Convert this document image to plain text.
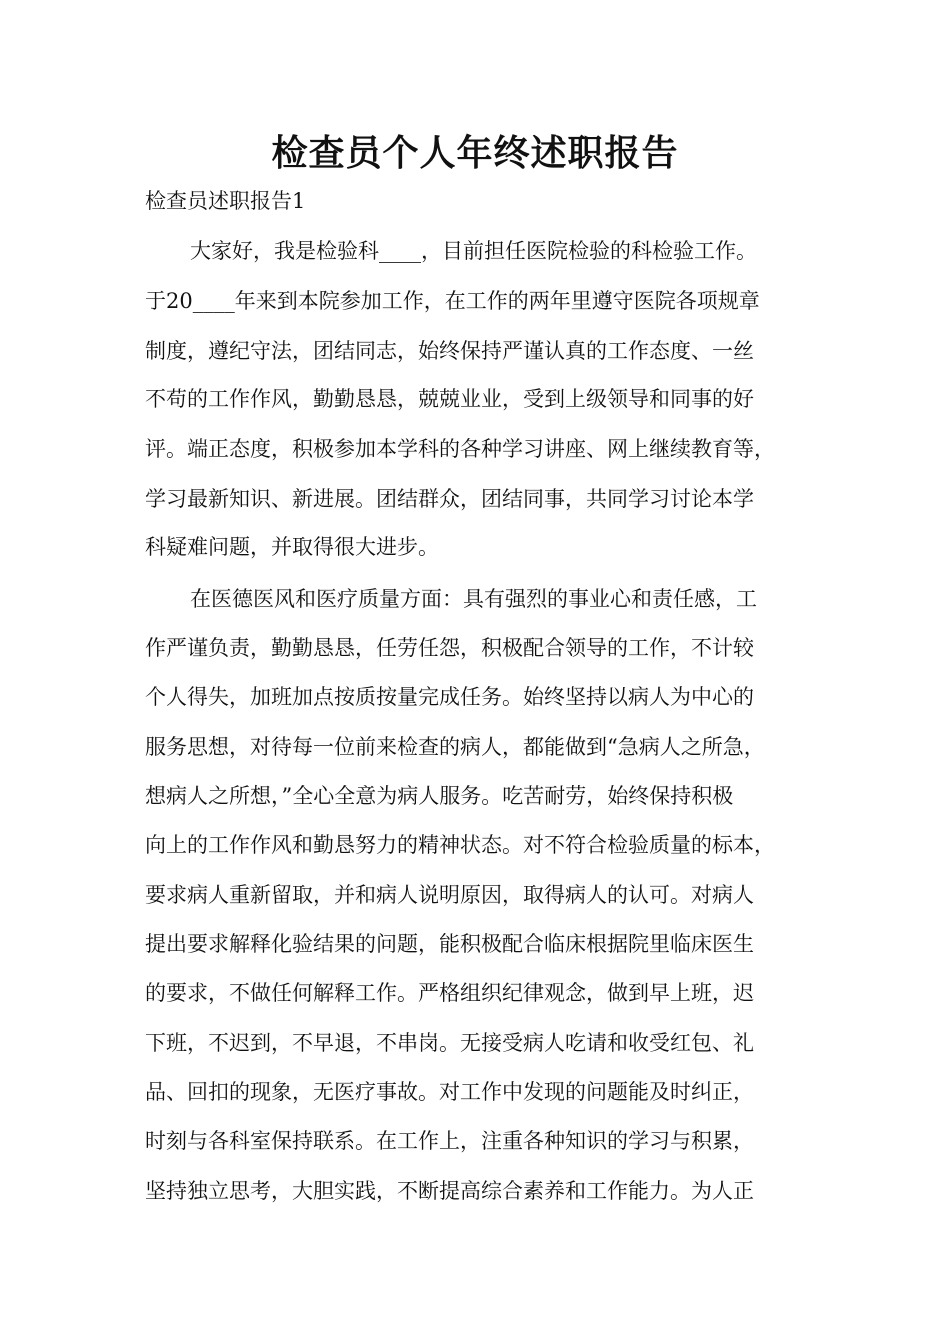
检查员个人年终述职报告
检查员述职报告1
大家好，我是检验科____，目前担任医院检验的科检验工作。
于20____年来到本院参加工作，在工作的两年里遵守医院各项规章
制度，遵纪守法，团结同志，始终保持严谨认真的工作态度、一丝
不苟的工作作风，勤勤恳恳，兢兢业业，受到上级领导和同事的好
评。端正态度，积极参加本学科的各种学习讲座、网上继续教育等，
学习最新知识、新进展。团结群众，团结同事，共同学习讨论本学
科疑难问题，并取得很大进步。
在医德医风和医疗质量方面：具有强烈的事业心和责任感，工
作严谨负责，勤勤恳恳，任劳任怨，积极配合领导的工作，不计较
个人得失，加班加点按质按量完成任务。始终坚持以病人为中心的
服务思想，对待每一位前来检查的病人，都能做到“急病人之所急，
想病人之所想，”全心全意为病人服务。吃苦耐劳，始终保持积极
向上的工作作风和勤恳努力的精神状态。对不符合检验质量的标本，
要求病人重新留取，并和病人说明原因，取得病人的认可。对病人
提出要求解释化验结果的问题，能积极配合临床根据院里临床医生
的要求，不做任何解释工作。严格组织纪律观念，做到早上班，迟
下班，不迟到，不早退，不串岗。无接受病人吃请和收受红包、礼
品、回扣的现象，无医疗事故。对工作中发现的问题能及时纠正，
时刻与各科室保持联系。在工作上，注重各种知识的学习与积累，
坚持独立思考，大胆实践，不断提高综合素养和工作能力。为人正
